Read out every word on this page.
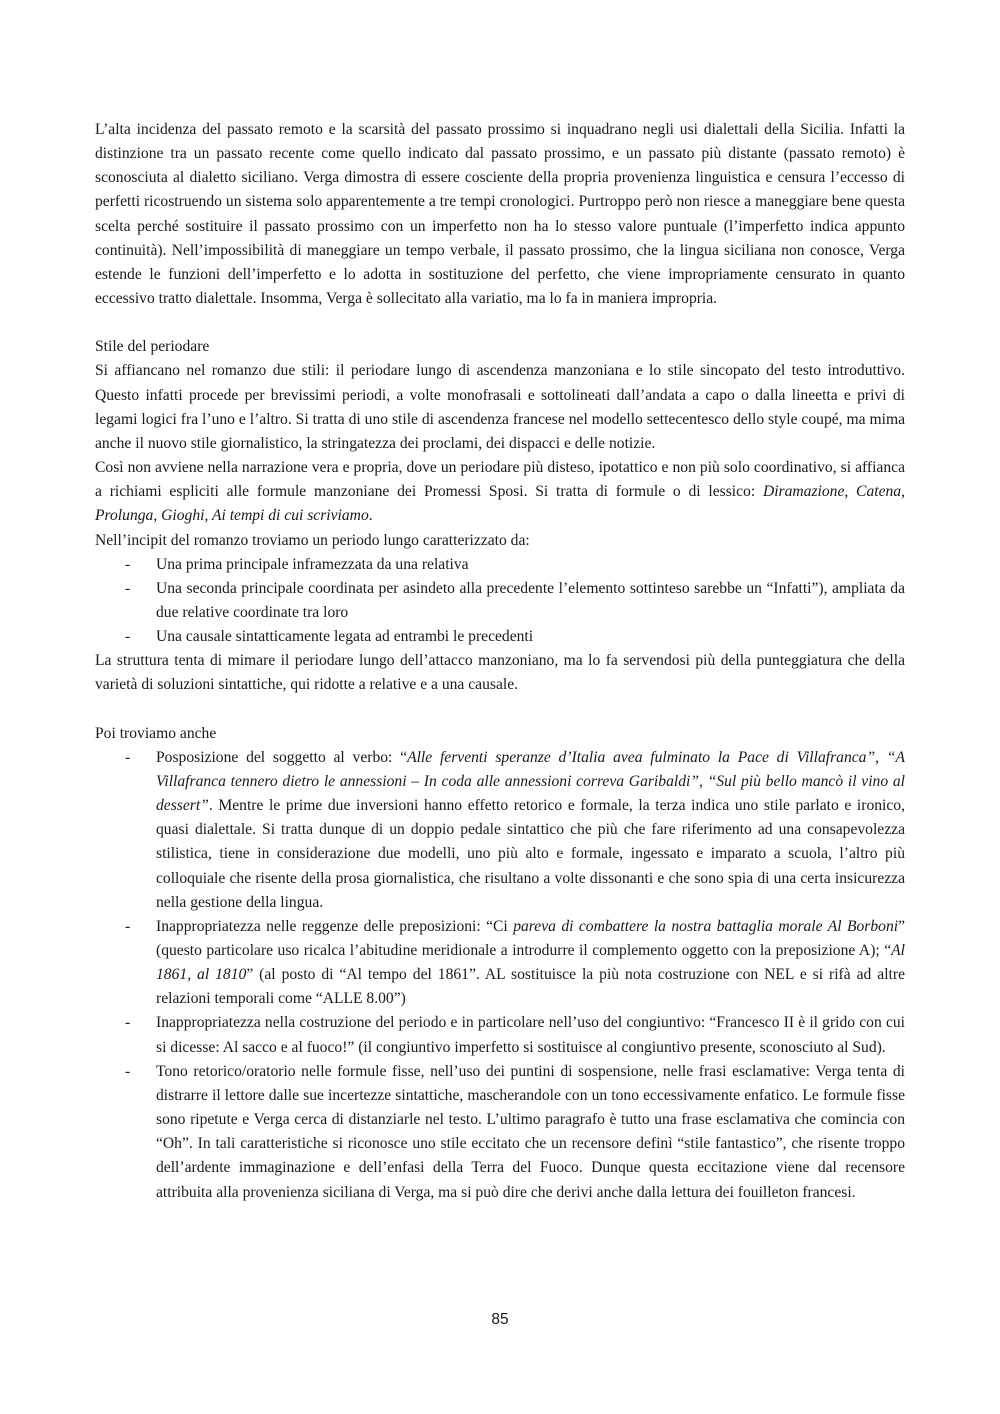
L’alta incidenza del passato remoto e la scarsità del passato prossimo si inquadrano negli usi dialettali della Sicilia. Infatti la distinzione tra un passato recente come quello indicato dal passato prossimo, e un passato più distante (passato remoto) è sconosciuta al dialetto siciliano. Verga dimostra di essere cosciente della propria provenienza linguistica e censura l’eccesso di perfetti ricostruendo un sistema solo apparentemente a tre tempi cronologici. Purtroppo però non riesce a maneggiare bene questa scelta perché sostituire il passato prossimo con un imperfetto non ha lo stesso valore puntuale (l’imperfetto indica appunto continuità). Nell’impossibilità di maneggiare un tempo verbale, il passato prossimo, che la lingua siciliana non conosce, Verga estende le funzioni dell’imperfetto e lo adotta in sostituzione del perfetto, che viene impropriamente censurato in quanto eccessivo tratto dialettale. Insomma, Verga è sollecitato alla variatio, ma lo fa in maniera impropria.

Stile del periodare

Si affiancano nel romanzo due stili: il periodare lungo di ascendenza manzoniana e lo stile sincopato del testo introduttivo. Questo infatti procede per brevissimi periodi, a volte monofrasali e sottolineati dall’andata a capo o dalla lineetta e privi di legami logici fra l’uno e l’altro. Si tratta di uno stile di ascendenza francese nel modello settecentesco dello style coupé, ma mima anche il nuovo stile giornalistico, la stringatezza dei proclami, dei dispacci e delle notizie.

Così non avviene nella narrazione vera e propria, dove un periodare più disteso, ipotattico e non più solo coordinativo, si affianca a richiami espliciti alle formule manzoniane dei Promessi Sposi. Si tratta di formule o di lessico: Diramazione, Catena, Prolunga, Gioghi, Ai tempi di cui scriviamo.

Nell’incipit del romanzo troviamo un periodo lungo caratterizzato da:

- Una prima principale inframezzata da una relativa
- Una seconda principale coordinata per asindeto alla precedente l’elemento sottinteso sarebbe un “Infatti”), ampliata da due relative coordinate tra loro
- Una causale sintatticamente legata ad entrambi le precedenti

La struttura tenta di mimare il periodare lungo dell’attacco manzoniano, ma lo fa servendosi più della punteggiatura che della varietà di soluzioni sintattiche, qui ridotte a relative e a una causale.

Poi troviamo anche

- Posposizione del soggetto al verbo: “Alle ferventi speranze d’Italia avea fulminato la Pace di Villafranca”, “A Villafranca tennero dietro le annessioni – In coda alle annessioni correva Garibaldi”, “Sul più bello mancò il vino al dessert”. Mentre le prime due inversioni hanno effetto retorico e formale, la terza indica uno stile parlato e ironico, quasi dialettale. Si tratta dunque di un doppio pedale sintattico che più che fare riferimento ad una consapevolezza stilistica, tiene in considerazione due modelli, uno più alto e formale, ingessato e imparato a scuola, l’altro più colloquiale che risente della prosa giornalistica, che risultano a volte dissonanti e che sono spia di una certa insicurezza nella gestione della lingua.
- Inappropriatezza nelle reggenze delle preposizioni: “Ci pareva di combattere la nostra battaglia morale Al Borboni” (questo particolare uso ricalca l’abitudine meridionale a introdurre il complemento oggetto con la preposizione A); “Al 1861, al 1810” (al posto di “Al tempo del 1861”. AL sostituisce la più nota costruzione con NEL e si rifà ad altre relazioni temporali come “ALLE 8.00”)
- Inappropriatezza nella costruzione del periodo e in particolare nell’uso del congiuntivo: “Francesco II è il grido con cui si dicesse: Al sacco e al fuoco!” (il congiuntivo imperfetto si sostituisce al congiuntivo presente, sconosciuto al Sud).
- Tono retorico/oratorio nelle formule fisse, nell’uso dei puntini di sospensione, nelle frasi esclamative: Verga tenta di distrarre il lettore dalle sue incertezze sintattiche, mascherandole con un tono eccessivamente enfatico. Le formule fisse sono ripetute e Verga cerca di distanziarle nel testo. L’ultimo paragrafo è tutto una frase esclamativa che comincia con “Oh”. In tali caratteristiche si riconosce uno stile eccitato che un recensore definì “stile fantastico”, che risente troppo dell’ardente immaginazione e dell’enfasi della Terra del Fuoco. Dunque questa eccitazione viene dal recensore attribuita alla provenienza siciliana di Verga, ma si può dire che derivi anche dalla lettura dei fouilleton francesi.
85
